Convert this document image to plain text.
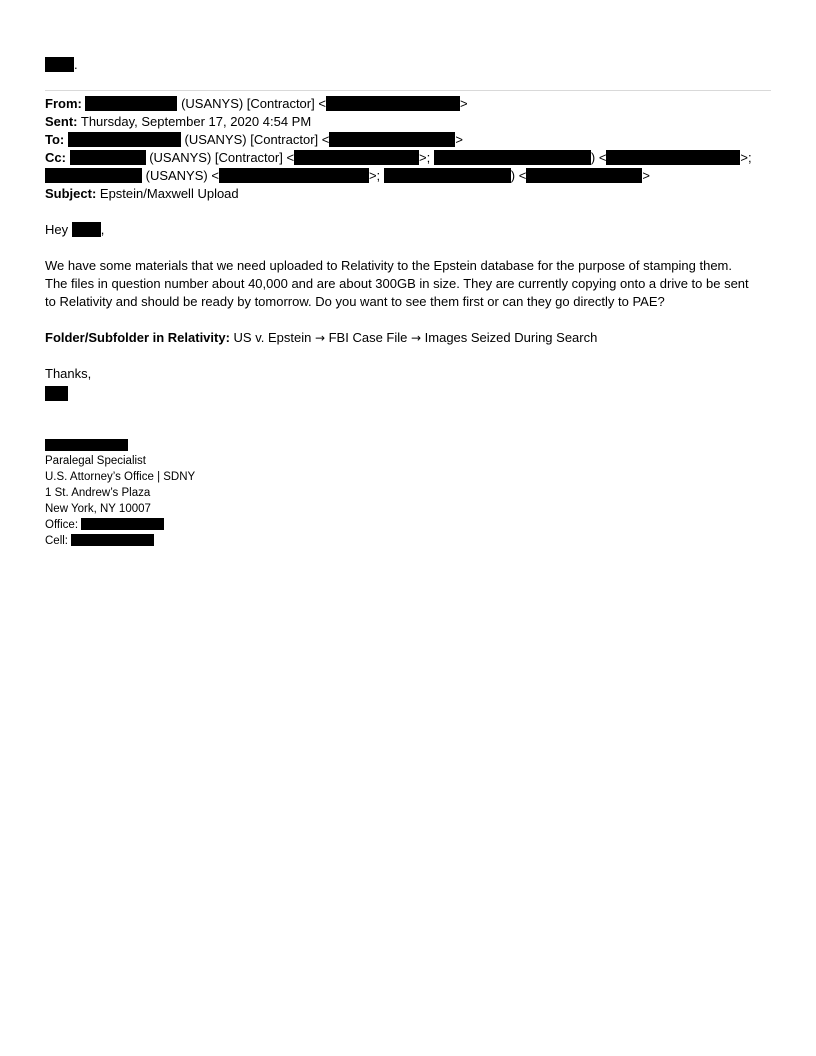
.
From:	(USANYS) [Contractor] <	>
Sent: Thursday, September 17, 2020 4:54 PM
To:	(USANYS) [Contractor] <	>
Cc:	(USANYS) [Contractor] <	>;	) <	>;
(USANYS) <	>;	) <	>
Subject: Epstein/Maxwell Upload
Hey ,
We have some materials that we need uploaded to Relativity to the Epstein database for the purpose of stamping them.
The files in question number about 40,000 and are about 300GB in size. They are currently copying onto a drive to be sent
to Relativity and should be ready by tomorrow. Do you want to see them first or can they go directly to PAE?
Folder/Subfolder in Relativity: US v. Epstein → FBI Case File → Images Seized During Search
Thanks,
Paralegal Specialist
U.S. Attorney’s Office | SDNY
1 St. Andrew’s Plaza
New York, NY 10007
Office:
Cell:
